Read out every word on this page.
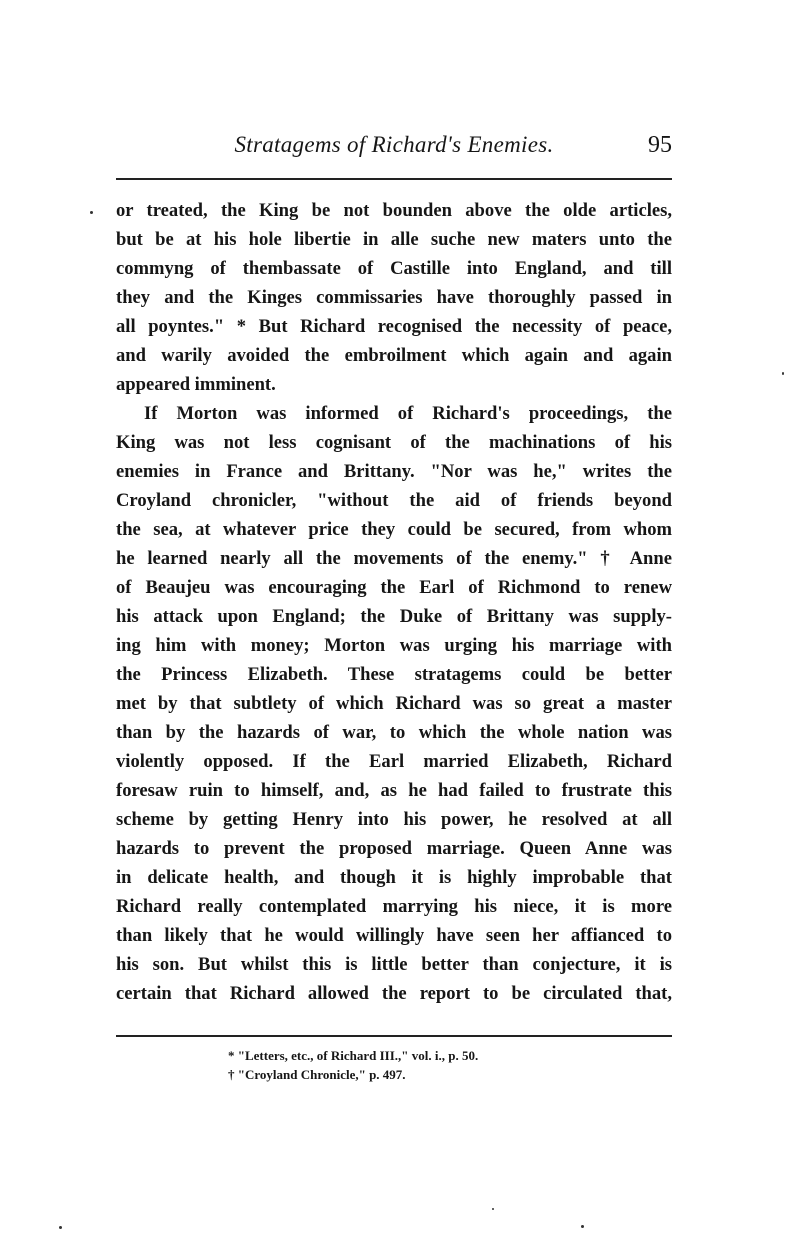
Stratagems of Richard's Enemies.	95
or treated, the King be not bounden above the olde articles,
but be at his hole libertie in alle suche new maters unto the
commyng of thembassate of Castille into England, and till
they and the Kinges commissaries have thoroughly passed in
all poyntes." * But Richard recognised the necessity of peace,
and warily avoided the embroilment which again and again
appeared imminent.
If Morton was informed of Richard's proceedings, the
King was not less cognisant of the machinations of his
enemies in France and Brittany. "Nor was he," writes the
Croyland chronicler, "without the aid of friends beyond
the sea, at whatever price they could be secured, from whom
he learned nearly all the movements of the enemy." † Anne
of Beaujeu was encouraging the Earl of Richmond to renew
his attack upon England; the Duke of Brittany was supply-
ing him with money; Morton was urging his marriage with
the Princess Elizabeth. These stratagems could be better
met by that subtlety of which Richard was so great a master
than by the hazards of war, to which the whole nation was
violently opposed. If the Earl married Elizabeth, Richard
foresaw ruin to himself, and, as he had failed to frustrate this
scheme by getting Henry into his power, he resolved at all
hazards to prevent the proposed marriage. Queen Anne was
in delicate health, and though it is highly improbable that
Richard really contemplated marrying his niece, it is more
than likely that he would willingly have seen her affianced to
his son. But whilst this is little better than conjecture, it is
certain that Richard allowed the report to be circulated that,
* "Letters, etc., of Richard III.," vol. i., p. 50.
† "Croyland Chronicle," p. 497.
